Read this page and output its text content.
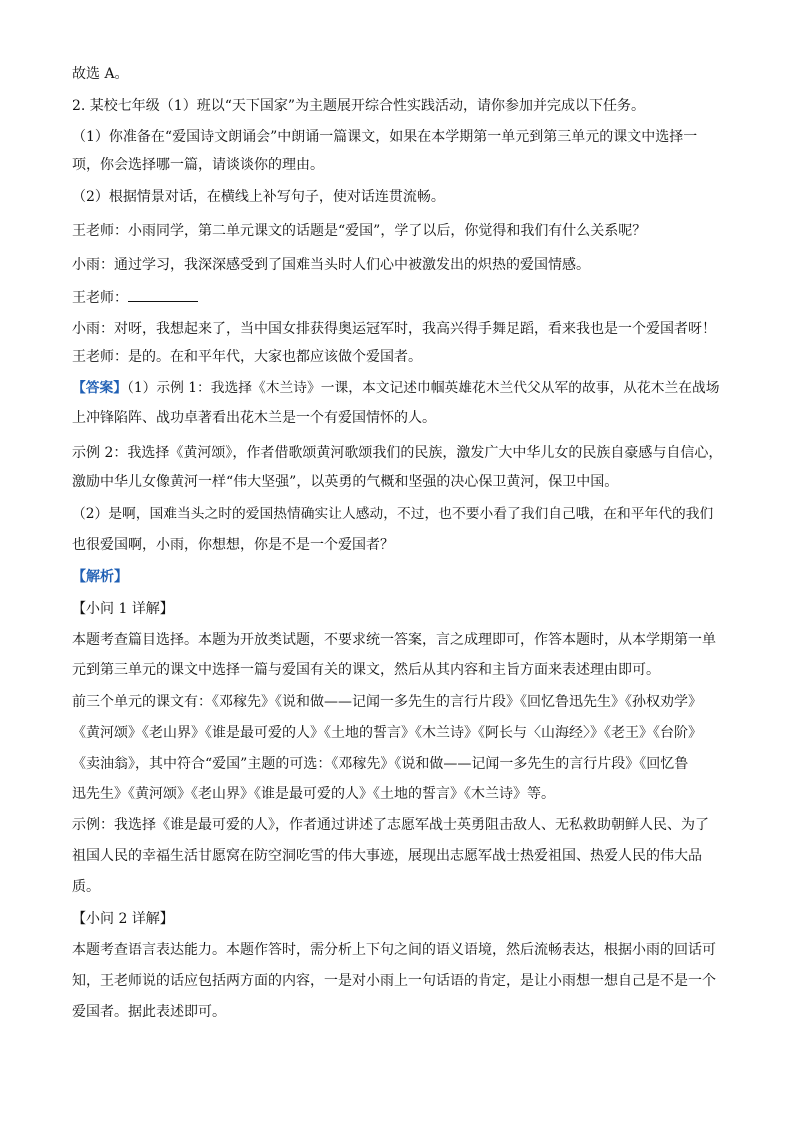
故选 A。
2. 某校七年级（1）班以“天下国家”为主题展开综合性实践活动，请你参加并完成以下任务。
（1）你准备在“爱国诗文朗诵会”中朗诵一篇课文，如果在本学期第一单元到第三单元的课文中选择一
项，你会选择哪一篇，请谈谈你的理由。
（2）根据情景对话，在横线上补写句子，使对话连贯流畅。
王老师：小雨同学，第二单元课文的话题是“爱国”，学了以后，你觉得和我们有什么关系呢？
小雨：通过学习，我深深感受到了国难当头时人们心中被激发出的炽热的爱国情感。
王老师：
小雨：对呀，我想起来了，当中国女排获得奥运冠军时，我高兴得手舞足蹈，看来我也是一个爱国者呀！
王老师：是的。在和平年代，大家也都应该做个爱国者。
【答案】（1）示例 1：我选择《木兰诗》一课，本文记述巾帼英雄花木兰代父从军的故事，从花木兰在战场
上冲锋陷阵、战功卓著看出花木兰是一个有爱国情怀的人。
示例 2：我选择《黄河颂》，作者借歌颂黄河歌颂我们的民族，激发广大中华儿女的民族自豪感与自信心，
激励中华儿女像黄河一样“伟大坚强”，以英勇的气概和坚强的决心保卫黄河，保卫中国。
（2）是啊，国难当头之时的爱国热情确实让人感动，不过，也不要小看了我们自己哦，在和平年代的我们
也很爱国啊，小雨，你想想，你是不是一个爱国者？
【解析】
【小问 1 详解】
本题考查篇目选择。本题为开放类试题，不要求统一答案，言之成理即可，作答本题时，从本学期第一单
元到第三单元的课文中选择一篇与爱国有关的课文，然后从其内容和主旨方面来表述理由即可。
前三个单元的课文有：《邓稼先》《说和做——记闻一多先生的言行片段》《回忆鲁迅先生》《孙权劝学》
《黄河颂》《老山界》《谁是最可爱的人》《土地的誓言》《木兰诗》《阿长与〈山海经〉》《老王》《台阶》
《卖油翁》，其中符合“爱国”主题的可选：《邓稼先》《说和做——记闻一多先生的言行片段》《回忆鲁
迅先生》《黄河颂》《老山界》《谁是最可爱的人》《土地的誓言》《木兰诗》等。
示例：我选择《谁是最可爱的人》，作者通过讲述了志愿军战士英勇阻击敌人、无私救助朝鲜人民、为了
祖国人民的幸福生活甘愿窝在防空洞吃雪的伟大事迹，展现出志愿军战士热爱祖国、热爱人民的伟大品
质。
【小问 2 详解】
本题考查语言表达能力。本题作答时，需分析上下句之间的语义语境，然后流畅表达，根据小雨的回话可
知，王老师说的话应包括两方面的内容，一是对小雨上一句话语的肯定，是让小雨想一想自己是不是一个
爱国者。据此表述即可。
